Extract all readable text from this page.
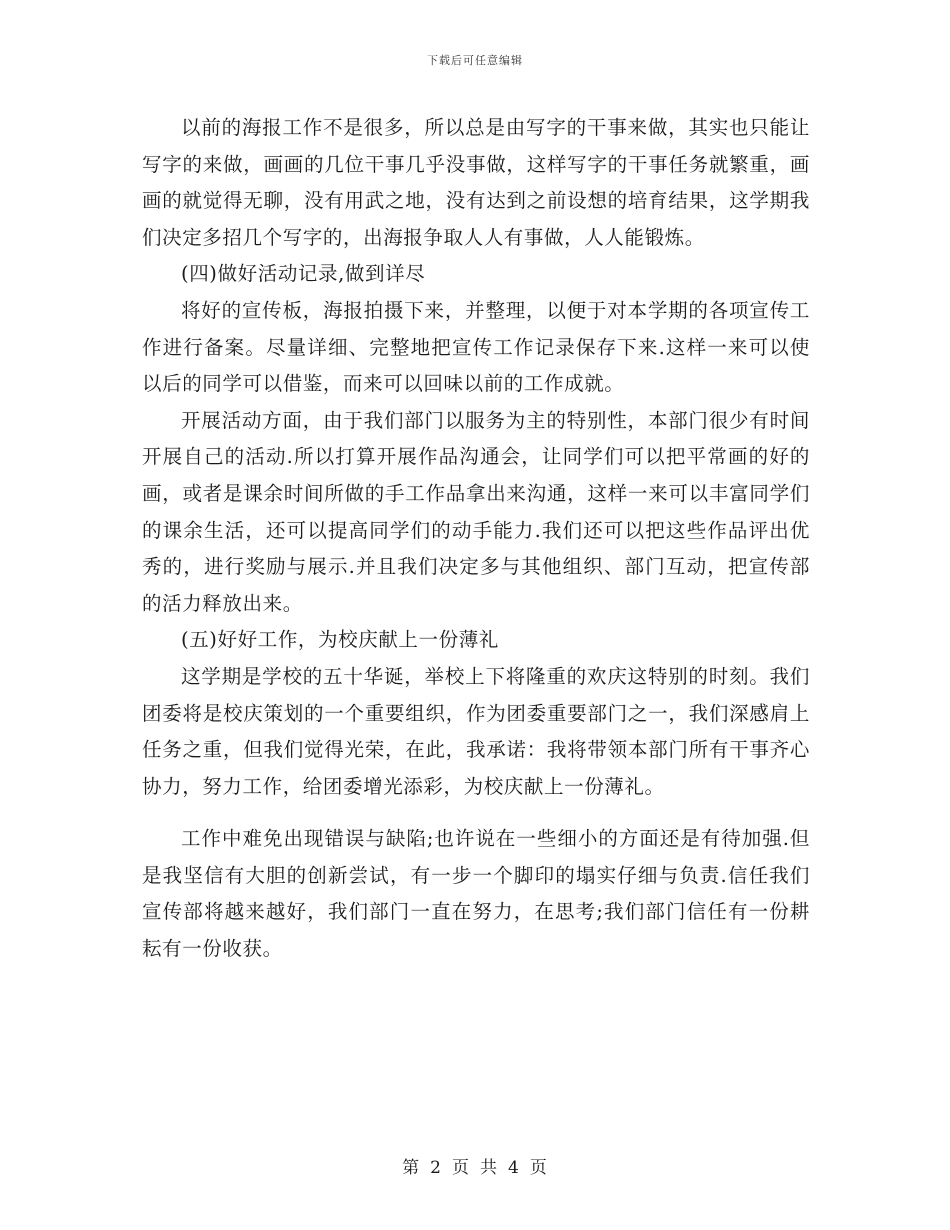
下载后可任意编辑

以前的海报工作不是很多，所以总是由写字的干事来做，其实也只能让写字的来做，画画的几位干事几乎没事做，这样写字的干事任务就繁重，画画的就觉得无聊，没有用武之地，没有达到之前设想的培育结果，这学期我们决定多招几个写字的，出海报争取人人有事做，人人能锻炼。

(四)做好活动记录,做到详尽

将好的宣传板，海报拍摄下来，并整理，以便于对本学期的各项宣传工作进行备案。尽量详细、完整地把宣传工作记录保存下来.这样一来可以使以后的同学可以借鉴，而来可以回味以前的工作成就。

开展活动方面，由于我们部门以服务为主的特别性，本部门很少有时间开展自己的活动.所以打算开展作品沟通会，让同学们可以把平常画的好的画，或者是课余时间所做的手工作品拿出来沟通，这样一来可以丰富同学们的课余生活，还可以提高同学们的动手能力.我们还可以把这些作品评出优秀的，进行奖励与展示.并且我们决定多与其他组织、部门互动，把宣传部的活力释放出来。

(五)好好工作，为校庆献上一份薄礼

这学期是学校的五十华诞，举校上下将隆重的欢庆这特别的时刻。我们团委将是校庆策划的一个重要组织，作为团委重要部门之一，我们深感肩上任务之重，但我们觉得光荣，在此，我承诺：我将带领本部门所有干事齐心协力，努力工作，给团委增光添彩，为校庆献上一份薄礼。

工作中难免出现错误与缺陷;也许说在一些细小的方面还是有待加强.但是我坚信有大胆的创新尝试，有一步一个脚印的塌实仔细与负责.信任我们宣传部将越来越好，我们部门一直在努力，在思考;我们部门信任有一份耕耘有一份收获。

第 2 页 共 4 页
